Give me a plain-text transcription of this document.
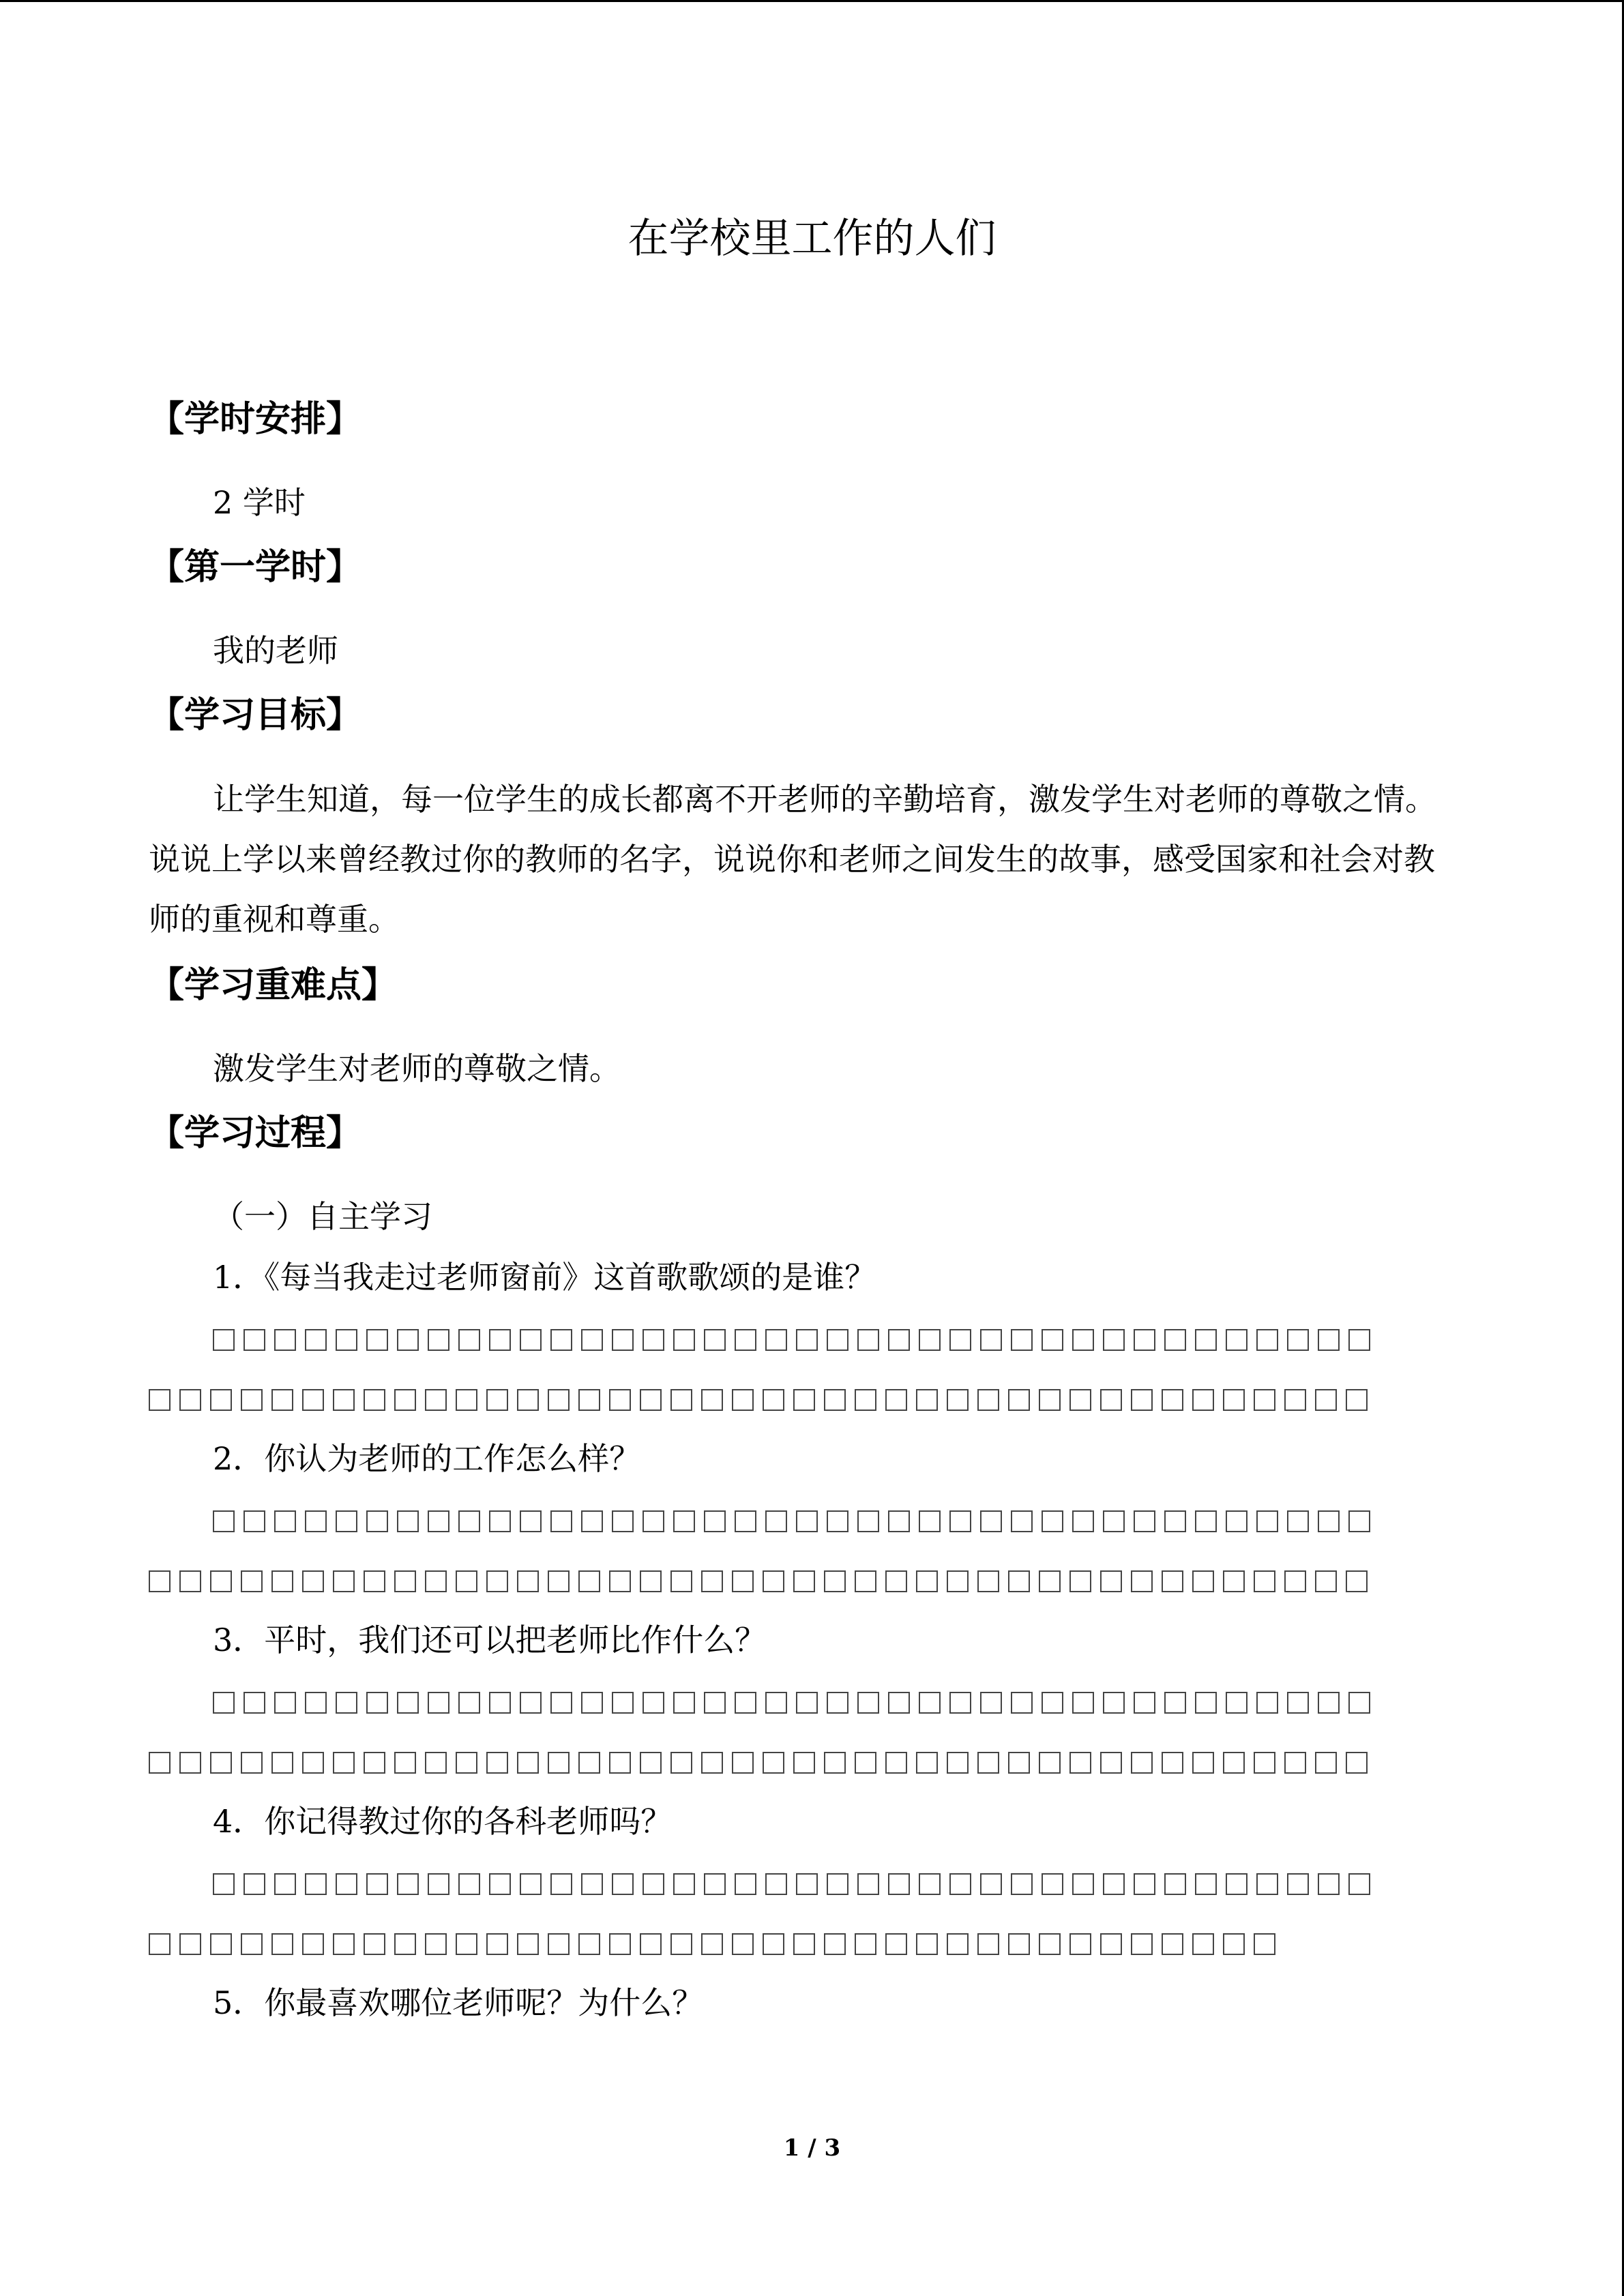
在学校里工作的人们
【学时安排】
2 学时
【第一学时】
我的老师
【学习目标】
让学生知道，每一位学生的成长都离不开老师的辛勤培育，激发学生对老师的尊敬之情。说说上学以来曾经教过你的教师的名字，说说你和老师之间发生的故事，感受国家和社会对教师的重视和尊重。
【学习重难点】
激发学生对老师的尊敬之情。
【学习过程】
（一）自主学习
1．《每当我走过老师窗前》这首歌歌颂的是谁？
2．你认为老师的工作怎么样？
3．平时，我们还可以把老师比作什么？
4．你记得教过你的各科老师吗？
5．你最喜欢哪位老师呢？为什么？
1 / 3
